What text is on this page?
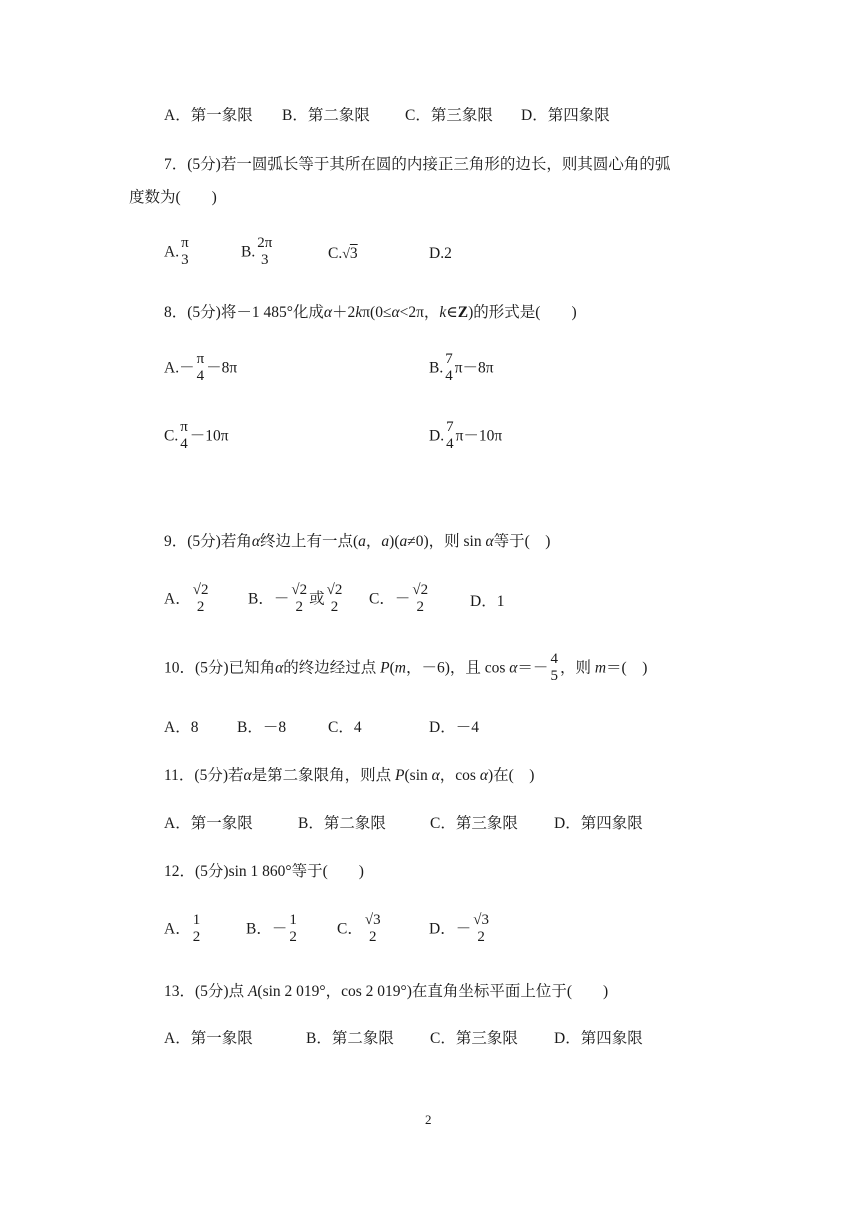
A．第一象限 B．第二象限 C．第三象限 D．第四象限
7．(5分)若一圆弧长等于其所在圆的内接正三角形的边长，则其圆心角的弧
度数为(　　)
A.
π
3	B.
2π
3	C.√3	D.2
8．(5分)将－1 485°化成α＋2kπ(0≤α<2π，k∈Z)的形式是(　　)
A.－
π
4 －8π	B.
7
4 π－8π
C.
π
4 －10π	D.
7
4 π－10π
9．(5分)若角α终边上有一点(a，a)(a≠0)，则 sin α等于(　)
A．
√2
2	B．－
√2
2 或
√2
2	C．－
√2
2	D．1
10．(5分)已知角α的终边经过点 P(m，－6)，且 cos α＝－
4
5 ，则 m＝(　)
A．8 B．－8	C．4	D．－4
11．(5分)若α是第二象限角，则点 P(sin α，cos α)在(　)
A．第一象限	B．第二象限	C．第三象限 D．第四象限
12．(5分)sin 1 860°等于(　　)
A．
1
2	B．－
1
2	C．
√3
2	D．－
√3
2
13．(5分)点 A(sin 2 019°，cos 2 019°)在直角坐标平面上位于(　　)
A．第一象限	B．第二象限 C．第三象限 D．第四象限
2
